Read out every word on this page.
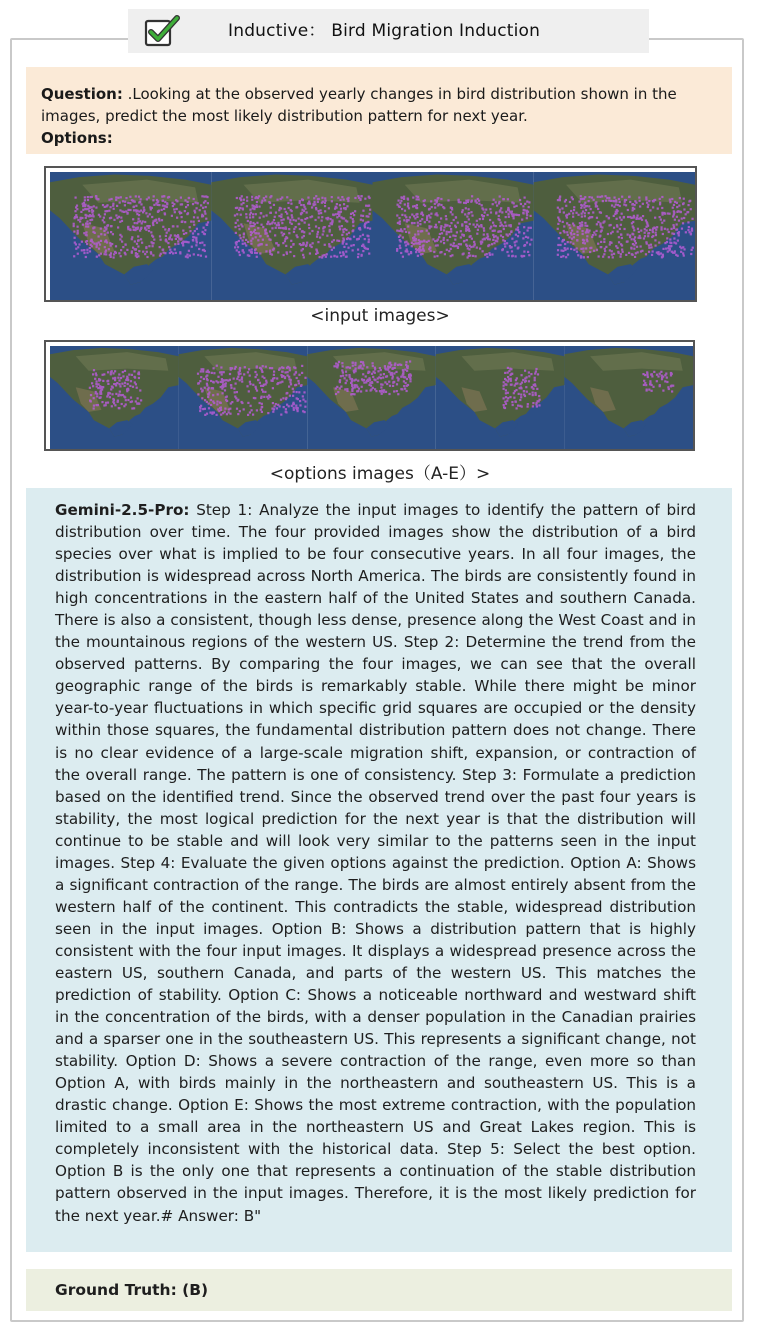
Inductive： Bird Migration Induction
Question: .Looking at the observed yearly changes in bird distribution shown in the images, predict the most likely distribution pattern for next year.
Options:
<input images>
<options images（A-E）>
Gemini-2.5-Pro: Step 1: Analyze the input images to identify the pattern of bird distribution over time. The four provided images show the distribution of a bird species over what is implied to be four consecutive years. In all four images, the distribution is widespread across North America. The birds are consistently found in high concentrations in the eastern half of the United States and southern Canada. There is also a consistent, though less dense, presence along the West Coast and in the mountainous regions of the western US. Step 2: Determine the trend from the observed patterns. By comparing the four images, we can see that the overall geographic range of the birds is remarkably stable. While there might be minor year-to-year fluctuations in which specific grid squares are occupied or the density within those squares, the fundamental distribution pattern does not change. There is no clear evidence of a large-scale migration shift, expansion, or contraction of the overall range. The pattern is one of consistency. Step 3: Formulate a prediction based on the identified trend. Since the observed trend over the past four years is stability, the most logical prediction for the next year is that the distribution will continue to be stable and will look very similar to the patterns seen in the input images. Step 4: Evaluate the given options against the prediction. Option A: Shows a significant contraction of the range. The birds are almost entirely absent from the western half of the continent. This contradicts the stable, widespread distribution seen in the input images. Option B: Shows a distribution pattern that is highly consistent with the four input images. It displays a widespread presence across the eastern US, southern Canada, and parts of the western US. This matches the prediction of stability. Option C: Shows a noticeable northward and westward shift in the concentration of the birds, with a denser population in the Canadian prairies and a sparser one in the southeastern US. This represents a significant change, not stability. Option D: Shows a severe contraction of the range, even more so than Option A, with birds mainly in the northeastern and southeastern US. This is a drastic change. Option E: Shows the most extreme contraction, with the population limited to a small area in the northeastern US and Great Lakes region. This is completely inconsistent with the historical data. Step 5: Select the best option. Option B is the only one that represents a continuation of the stable distribution pattern observed in the input images. Therefore, it is the most likely prediction for the next year.# Answer: B"
Ground Truth: (B)
